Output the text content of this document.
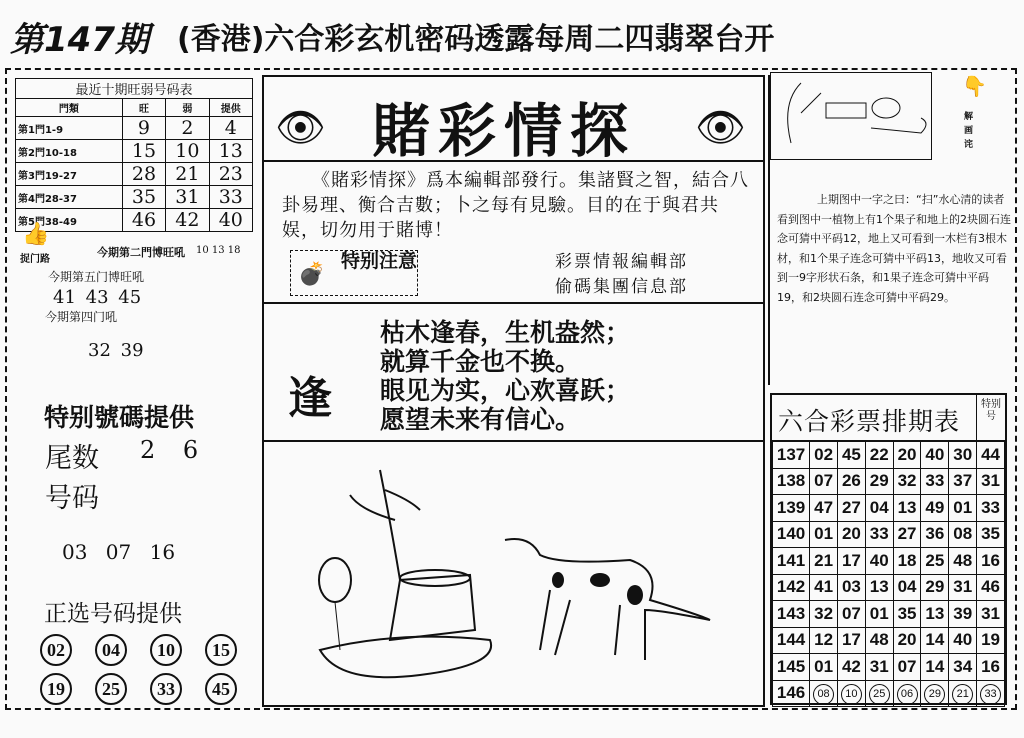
第147期 (香港)六合彩玄机密码透露每周二四翡翠台开
最近十期旺弱号码表			
門類	旺	弱	提供
第1門1-9	9	2	4
第2門10-18	15	10	13
第3門19-27	28	21	23
第4門28-37	35	31	33
第5門38-49	46	42	40
👍
捉门路
今期第二門博旺吼 10 13 18
今期第五门博旺吼
41 43 45
今期第四门吼
32 39
特别號碼提供
尾数 2 6
号码
03 07 16
正选号码提供
02	04	10	15
19	25	33	45
👁	👁
賭彩情探
《賭彩情探》爲本編輯部發行。集諸賢之智，結合八卦易理、衡合吉數；卜之每有見驗。目的在于與君共娱，切勿用于賭博！
特别注意
💣	彩票情報編輯部
偷碼集團信息部
逢
枯木逢春，生机盎然；
就算千金也不换。
眼见为实，心欢喜跃；
愿望未来有信心。
👇
解画诧
上期图中一字之曰：“扫”水心清的读者看到图中一植物上有1个果子和地上的2块圆石连念可猜中平码12，地上又可看到一木栏有3根木材，和1个果子连念可猜中平码13，地收又可看到一9字形状石条，和1果子连念可猜中平码19，和2块圆石连念可猜中平码29。
六合彩票排期表
特别号
137	02	45	22	20	40	30	44
138	07	26	29	32	33	37	31
139	47	27	04	13	49	01	33
140	01	20	33	27	36	08	35
141	21	17	40	18	25	48	16
142	41	03	13	04	29	31	46
143	32	07	01	35	13	39	31
144	12	17	48	20	14	40	19
145	01	42	31	07	14	34	16
146	08	10	25	06	29	21	33
